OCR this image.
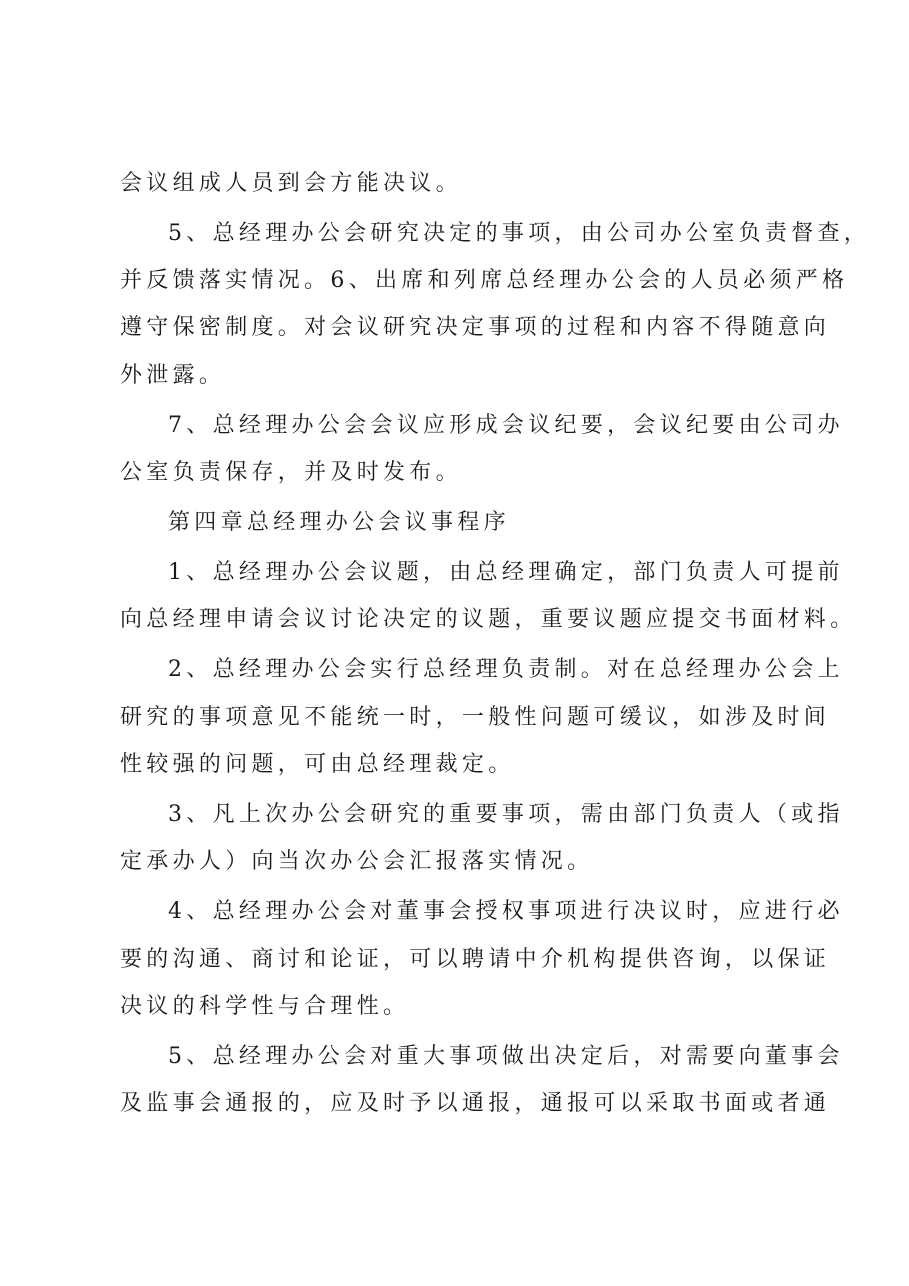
会议组成人员到会方能决议。
5、总经理办公会研究决定的事项，由公司办公室负责督查，
并反馈落实情况。6、出席和列席总经理办公会的人员必须严格
遵守保密制度。对会议研究决定事项的过程和内容不得随意向
外泄露。
7、总经理办公会会议应形成会议纪要，会议纪要由公司办
公室负责保存，并及时发布。
第四章总经理办公会议事程序
1、总经理办公会议题，由总经理确定，部门负责人可提前
向总经理申请会议讨论决定的议题，重要议题应提交书面材料。
2、总经理办公会实行总经理负责制。对在总经理办公会上
研究的事项意见不能统一时，一般性问题可缓议，如涉及时间
性较强的问题，可由总经理裁定。
3、凡上次办公会研究的重要事项，需由部门负责人（或指
定承办人）向当次办公会汇报落实情况。
4、总经理办公会对董事会授权事项进行决议时，应进行必
要的沟通、商讨和论证，可以聘请中介机构提供咨询，以保证
决议的科学性与合理性。
5、总经理办公会对重大事项做出决定后，对需要向董事会
及监事会通报的，应及时予以通报，通报可以采取书面或者通
